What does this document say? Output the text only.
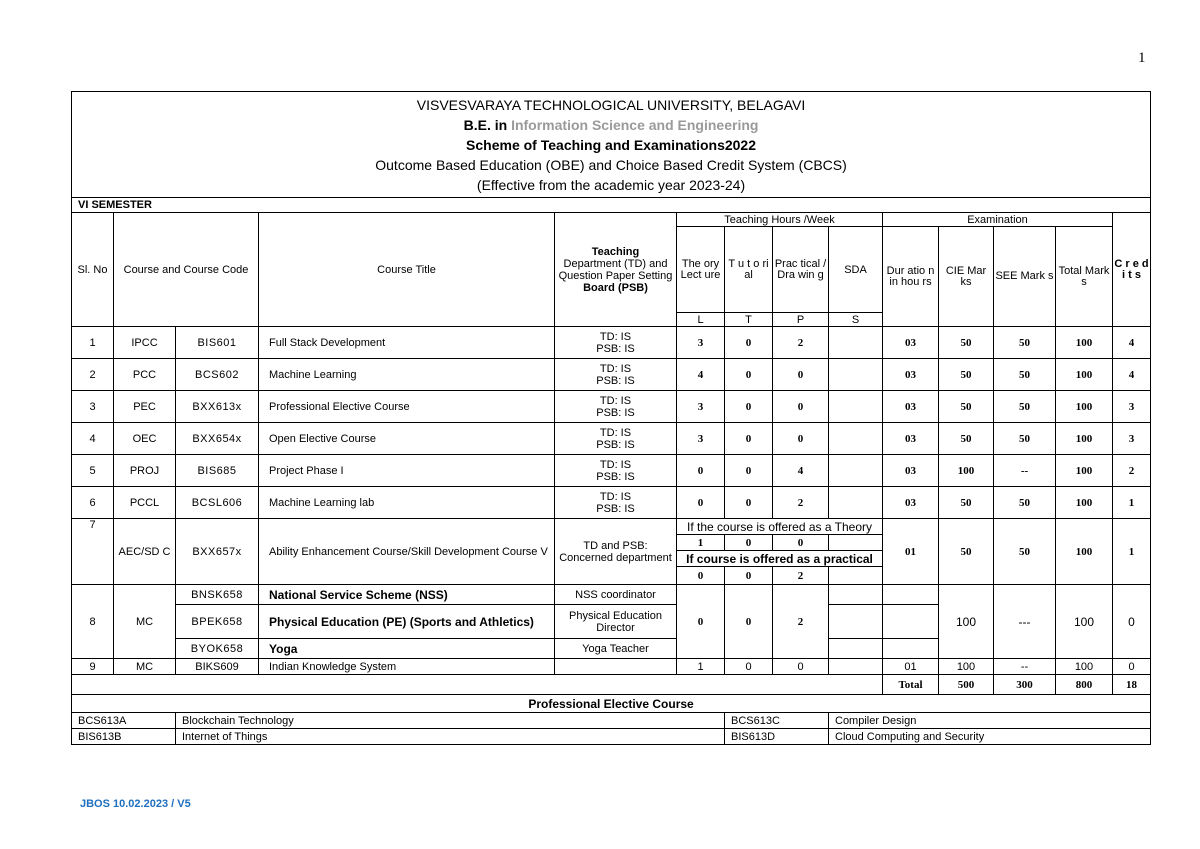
1
VISVESVARAYA TECHNOLOGICAL UNIVERSITY, BELAGAVI
B.E. in Information Science and Engineering
Scheme of Teaching and Examinations2022
Outcome Based Education (OBE) and Choice Based Credit System (CBCS)
(Effective from the academic year 2023-24)													

VI SEMESTER													
Sl. No	Course and Course Code		Course Title	Teaching
Department (TD) and Question Paper Setting
Board (PSB)	Teaching Hours /Week				Examination				C r e d i t s
					The ory Lect ure	T u t o ri al	Prac tical / Dra win g	SDA	Dur atio n in hou rs	CIE Mar ks	SEE Mark s	Total Mark s	
					L	T	P	S					
1	IPCC	BIS601	Full Stack Development	TD: IS
PSB: IS	3	0	2		03	50	50	100	4
2	PCC	BCS602	Machine Learning	TD: IS
PSB: IS	4	0	0		03	50	50	100	4
3	PEC	BXX613x	Professional Elective Course	TD: IS
PSB: IS	3	0	0		03	50	50	100	3
4	OEC	BXX654x	Open Elective Course	TD: IS
PSB: IS	3	0	0		03	50	50	100	3
5	PROJ	BIS685	Project Phase I	TD: IS
PSB: IS	0	0	4		03	100	--	100	2
6	PCCL	BCSL606	Machine Learning lab	TD: IS
PSB: IS	0	0	2		03	50	50	100	1
7	AEC/SD C	BXX657x	Ability Enhancement Course/Skill Development Course V	TD and PSB: Concerned department	If the course is offered as a Theory				01	50	50	100	1
					1	0	0						
					If course is offered as a practical								
					0	0	2						
8	MC	BNSK658	National Service Scheme (NSS)	NSS coordinator	0	0	2			100	---	100	0
		BPEK658	Physical Education (PE) (Sports and Athletics)	Physical Education Director									
		BYOK658	Yoga	Yoga Teacher									
9	MC	BIKS609	Indian Knowledge System		1	0	0		01	100	--	100	0
									Total	500	300	800	18
Professional Elective Course													
BCS613A		Blockchain Technology				BCS613C		Compiler Design					
BIS613B		Internet of Things				BIS613D		Cloud Computing and Security					
JBOS 10.02.2023 / V5
